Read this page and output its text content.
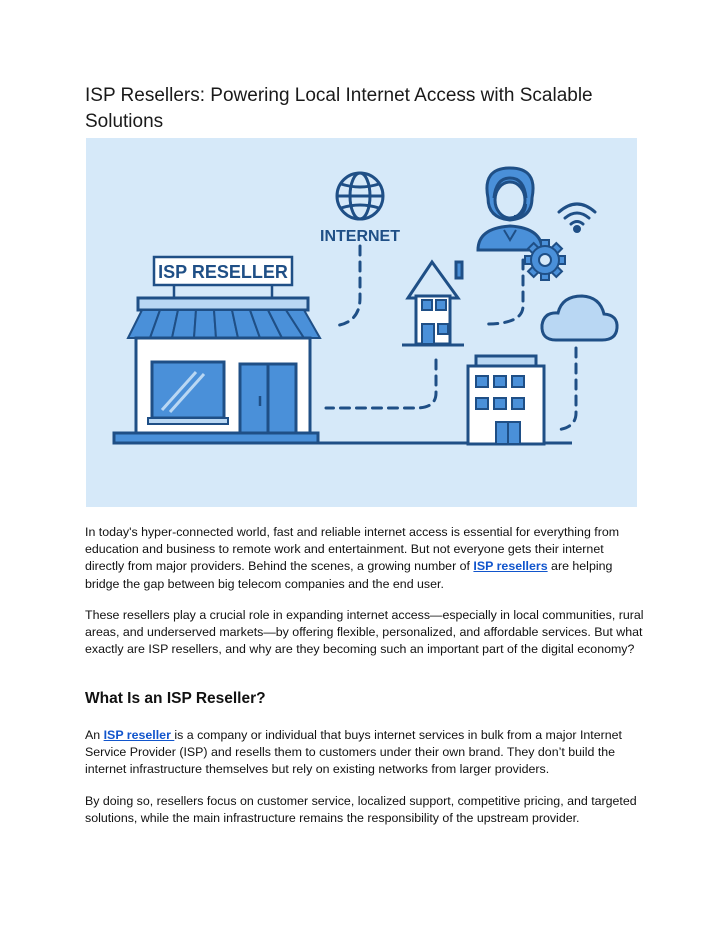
ISP Resellers: Powering Local Internet Access with Scalable Solutions
INTERNET
ISP RESELLER

In today's hyper-connected world, fast and reliable internet access is essential for everything from education and business to remote work and entertainment. But not everyone gets their internet directly from major providers. Behind the scenes, a growing number of ISP resellers are helping bridge the gap between big telecom companies and the end user.

These resellers play a crucial role in expanding internet access—especially in local communities, rural areas, and underserved markets—by offering flexible, personalized, and affordable services. But what exactly are ISP resellers, and why are they becoming such an important part of the digital economy?

What Is an ISP Reseller?

An ISP reseller is a company or individual that buys internet services in bulk from a major Internet Service Provider (ISP) and resells them to customers under their own brand. They don’t build the internet infrastructure themselves but rely on existing networks from larger providers.

By doing so, resellers focus on customer service, localized support, competitive pricing, and targeted solutions, while the main infrastructure remains the responsibility of the upstream provider.
